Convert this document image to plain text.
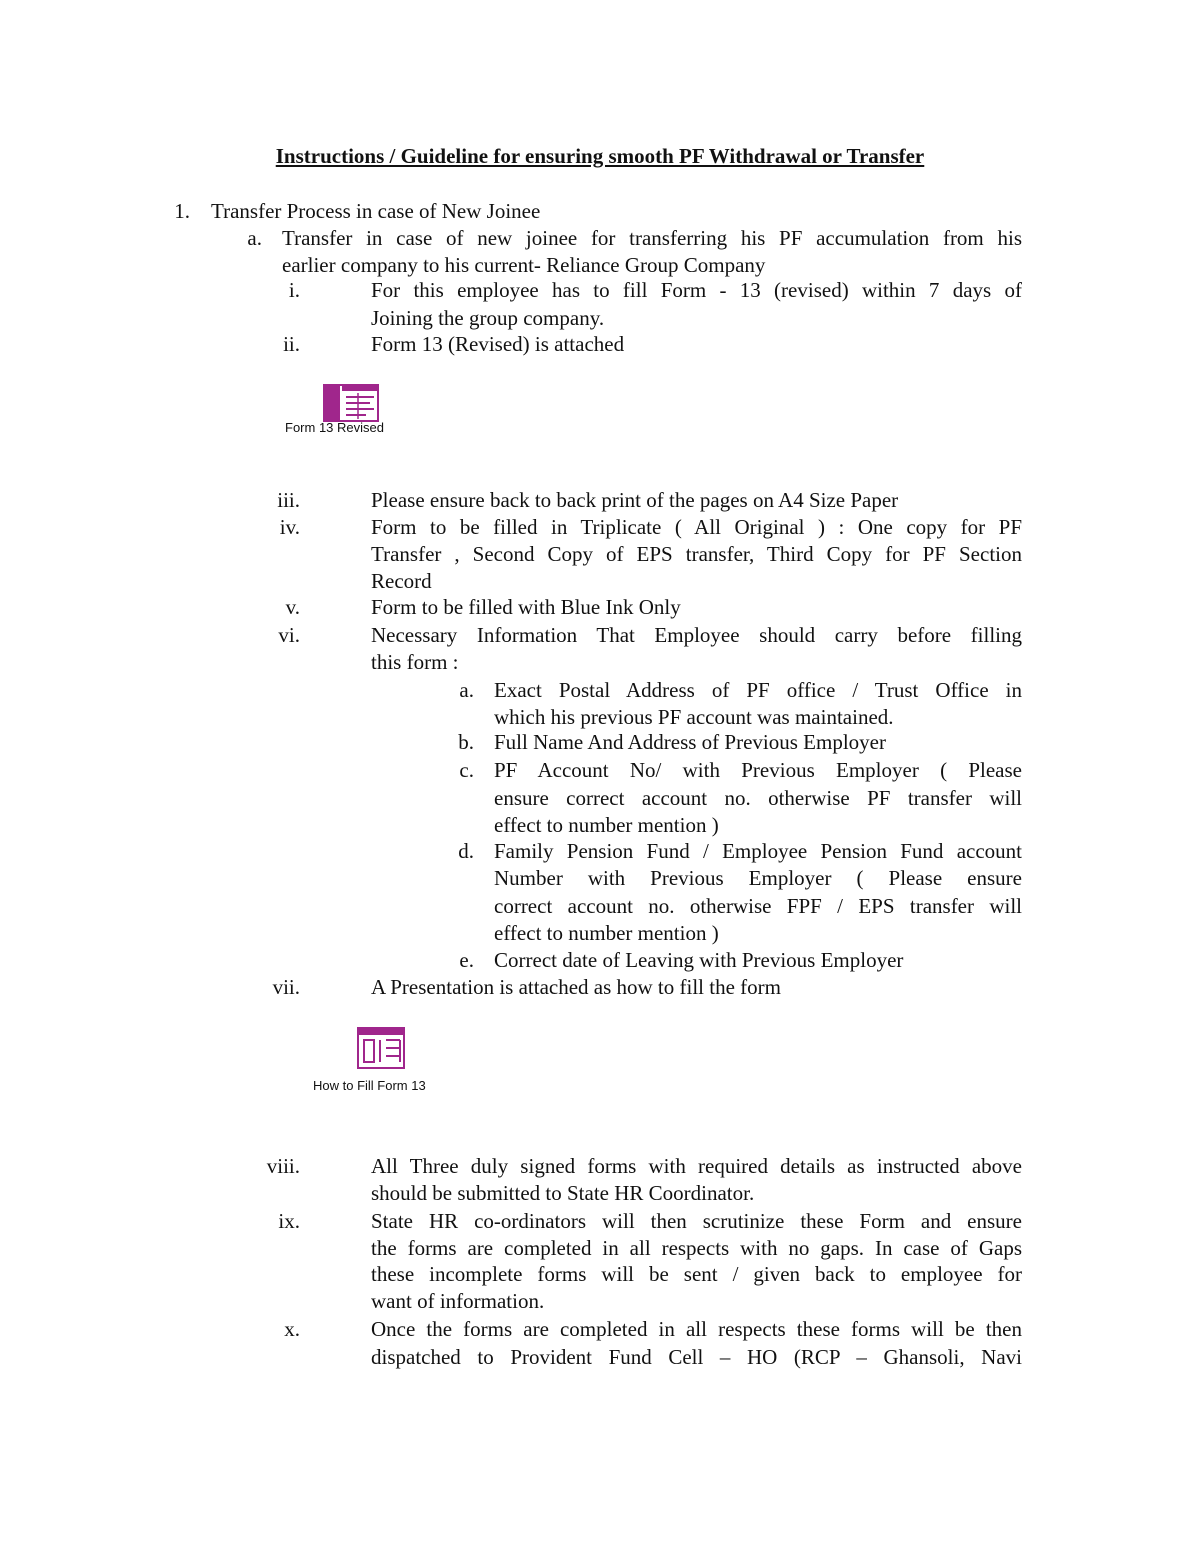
Instructions / Guideline for ensuring smooth PF Withdrawal or Transfer
1. Transfer Process in case of New Joinee
a. Transfer in case of new joinee for transferring his PF accumulation from his
earlier company to his current- Reliance Group Company
i.	For this employee has to fill Form - 13 (revised) within 7 days of
Joining the group company.
ii.	Form 13 (Revised) is attached
Form 13 Revised
iii.	Please ensure back to back print of the pages on A4 Size Paper
iv.	Form to be filled in Triplicate ( All Original ) : One copy for PF
Transfer , Second Copy of EPS transfer, Third Copy for PF Section
Record
v.	Form to be filled with Blue Ink Only
vi.	Necessary Information That Employee should carry before filling
this form :
a. Exact Postal Address of PF office / Trust Office in
which his previous PF account was maintained.
b. Full Name And Address of Previous Employer
c. PF Account No/ with Previous Employer ( Please
ensure correct account no. otherwise PF transfer will
effect to number mention )
d. Family Pension Fund / Employee Pension Fund account
Number with Previous Employer ( Please ensure
correct account no. otherwise FPF / EPS transfer will
effect to number mention )
e. Correct date of Leaving with Previous Employer
vii.	A Presentation is attached as how to fill the form
How to Fill Form 13
viii.	All Three duly signed forms with required details as instructed above
should be submitted to State HR Coordinator.
ix.	State HR co-ordinators will then scrutinize these Form and ensure
the forms are completed in all respects with no gaps. In case of Gaps
these incomplete forms will be sent / given back to employee for
want of information.
x.	Once the forms are completed in all respects these forms will be then
dispatched to Provident Fund Cell – HO (RCP – Ghansoli, Navi
